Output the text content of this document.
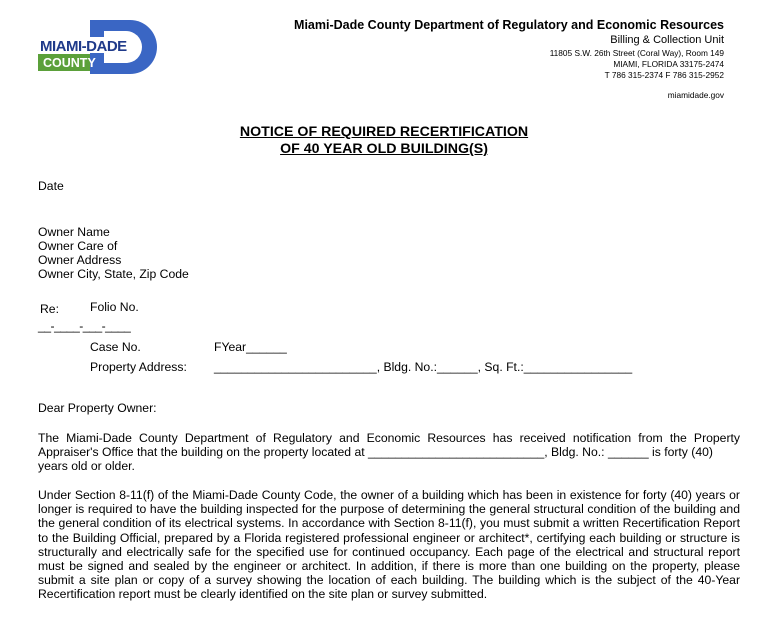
MIAMI-DADE
COUNTY
Miami-Dade County Department of Regulatory and Economic Resources
Billing & Collection Unit
11805 S.W. 26th Street (Coral Way), Room 149
MIAMI, FLORIDA 33175-2474
T 786 315-2374 F 786 315-2952
miamidade.gov
NOTICE OF REQUIRED RECERTIFICATION
OF 40 YEAR OLD BUILDING(S)
Date
Owner Name
Owner Care of
Owner Address
Owner City, State, Zip Code
Re:	Folio No.
__-____-___-____
Case No.	FYear______
Property Address: ________________________, Bldg. No.:______, Sq. Ft.:________________
Dear Property Owner:
The Miami-Dade County Department of Regulatory and Economic Resources has received notification from the Property
Appraiser's Office that the building on the property located at __________________________, Bldg. No.: ______ is forty (40)
years old or older.
Under Section 8-11(f) of the Miami-Dade County Code, the owner of a building which has been in existence for forty (40) years or longer is required to have the building inspected for the purpose of determining the general structural condition of the building and the general condition of its electrical systems. In accordance with Section 8-11(f), you must submit a written Recertification Report to the Building Official, prepared by a Florida registered professional engineer or architect*, certifying each building or structure is structurally and electrically safe for the specified use for continued occupancy. Each page of the electrical and structural report must be signed and sealed by the engineer or architect. In addition, if there is more than one building on the property, please submit a site plan or copy of a survey showing the location of each building. The building which is the subject of the 40-Year Recertification report must be clearly identified on the site plan or survey submitted.
